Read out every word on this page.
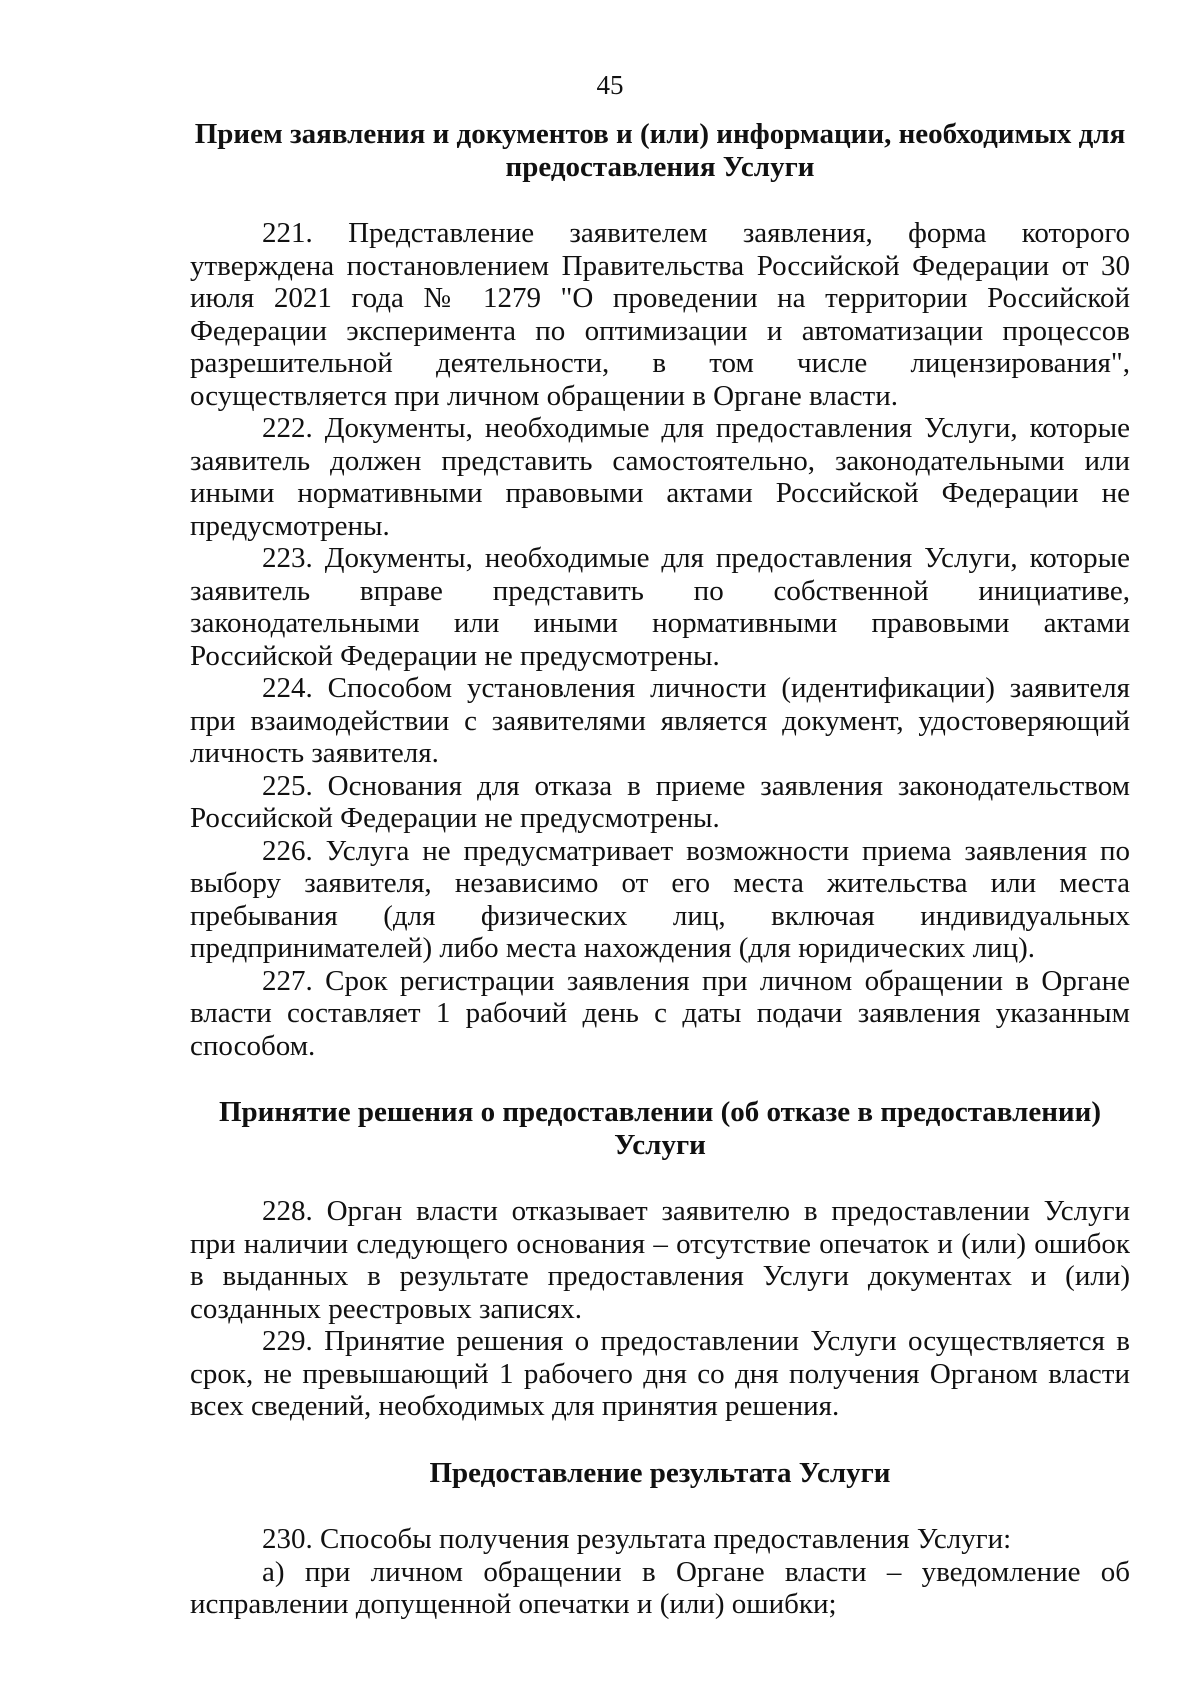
45
Прием заявления и документов и (или) информации, необходимых для
предоставления Услуги

221. Представление заявителем заявления, форма которого утверждена постановлением Правительства Российской Федерации от 30 июля 2021 года № 1279 "О проведении на территории Российской Федерации эксперимента по оптимизации и автоматизации процессов разрешительной деятельности, в том числе лицензирования", осуществляется при личном обращении в Органе власти.

222. Документы, необходимые для предоставления Услуги, которые заявитель должен представить самостоятельно, законодательными или иными нормативными правовыми актами Российской Федерации не предусмотрены.

223. Документы, необходимые для предоставления Услуги, которые заявитель вправе представить по собственной инициативе, законодательными или иными нормативными правовыми актами Российской Федерации не предусмотрены.

224. Способом установления личности (идентификации) заявителя при взаимодействии с заявителями является документ, удостоверяющий личность заявителя.

225. Основания для отказа в приеме заявления законодательством Российской Федерации не предусмотрены.

226. Услуга не предусматривает возможности приема заявления по выбору заявителя, независимо от его места жительства или места пребывания (для физических лиц, включая индивидуальных предпринимателей) либо места нахождения (для юридических лиц).

227. Срок регистрации заявления при личном обращении в Органе власти составляет 1 рабочий день с даты подачи заявления указанным способом.

Принятие решения о предоставлении (об отказе в предоставлении)
Услуги

228. Орган власти отказывает заявителю в предоставлении Услуги при наличии следующего основания – отсутствие опечаток и (или) ошибок в выданных в результате предоставления Услуги документах и (или) созданных реестровых записях.

229. Принятие решения о предоставлении Услуги осуществляется в срок, не превышающий 1 рабочего дня со дня получения Органом власти всех сведений, необходимых для принятия решения.

Предоставление результата Услуги

230. Способы получения результата предоставления Услуги:

а) при личном обращении в Органе власти – уведомление об исправлении допущенной опечатки и (или) ошибки;
